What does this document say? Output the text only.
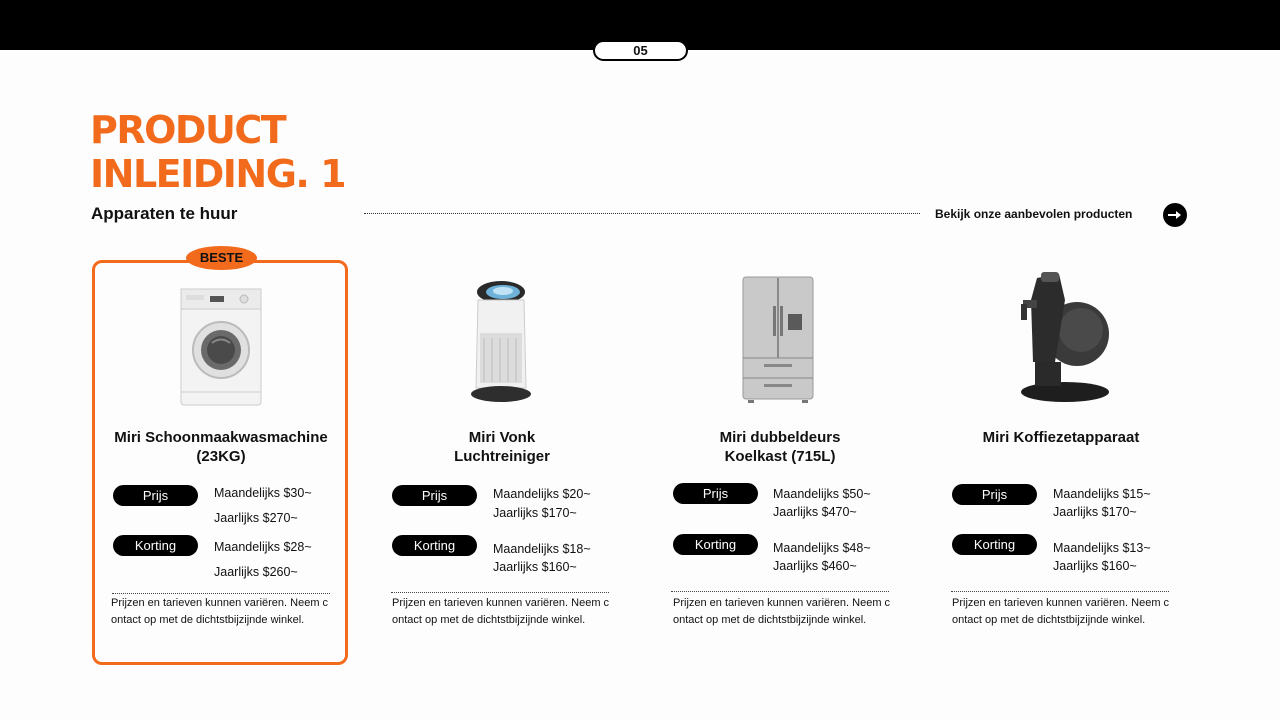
05
PRODUCT
INLEIDING. 1
Apparaten te huur	Bekijk onze aanbevolen producten
BESTE
Miri Schoonmaakwasmachine (23KG)
Prijs	Maandelijks $30~
Jaarlijks $270~
Korting	Maandelijks $28~
Jaarlijks $260~
Prijzen en tarieven kunnen variëren. Neem contact op met de dichtstbijzijnde winkel.
Miri Vonk Luchtreiniger
Prijs	Maandelijks $20~
Jaarlijks $170~
Korting	Maandelijks $18~
Jaarlijks $160~
Prijzen en tarieven kunnen variëren. Neem contact op met de dichtstbijzijnde winkel.
Miri dubbeldeurs Koelkast (715L)
Prijs	Maandelijks $50~
Jaarlijks $470~
Korting	Maandelijks $48~
Jaarlijks $460~
Prijzen en tarieven kunnen variëren. Neem contact op met de dichtstbijzijnde winkel.
Miri Koffiezetapparaat
Prijs	Maandelijks $15~
Jaarlijks $170~
Korting	Maandelijks $13~
Jaarlijks $160~
Prijzen en tarieven kunnen variëren. Neem contact op met de dichtstbijzijnde winkel.
